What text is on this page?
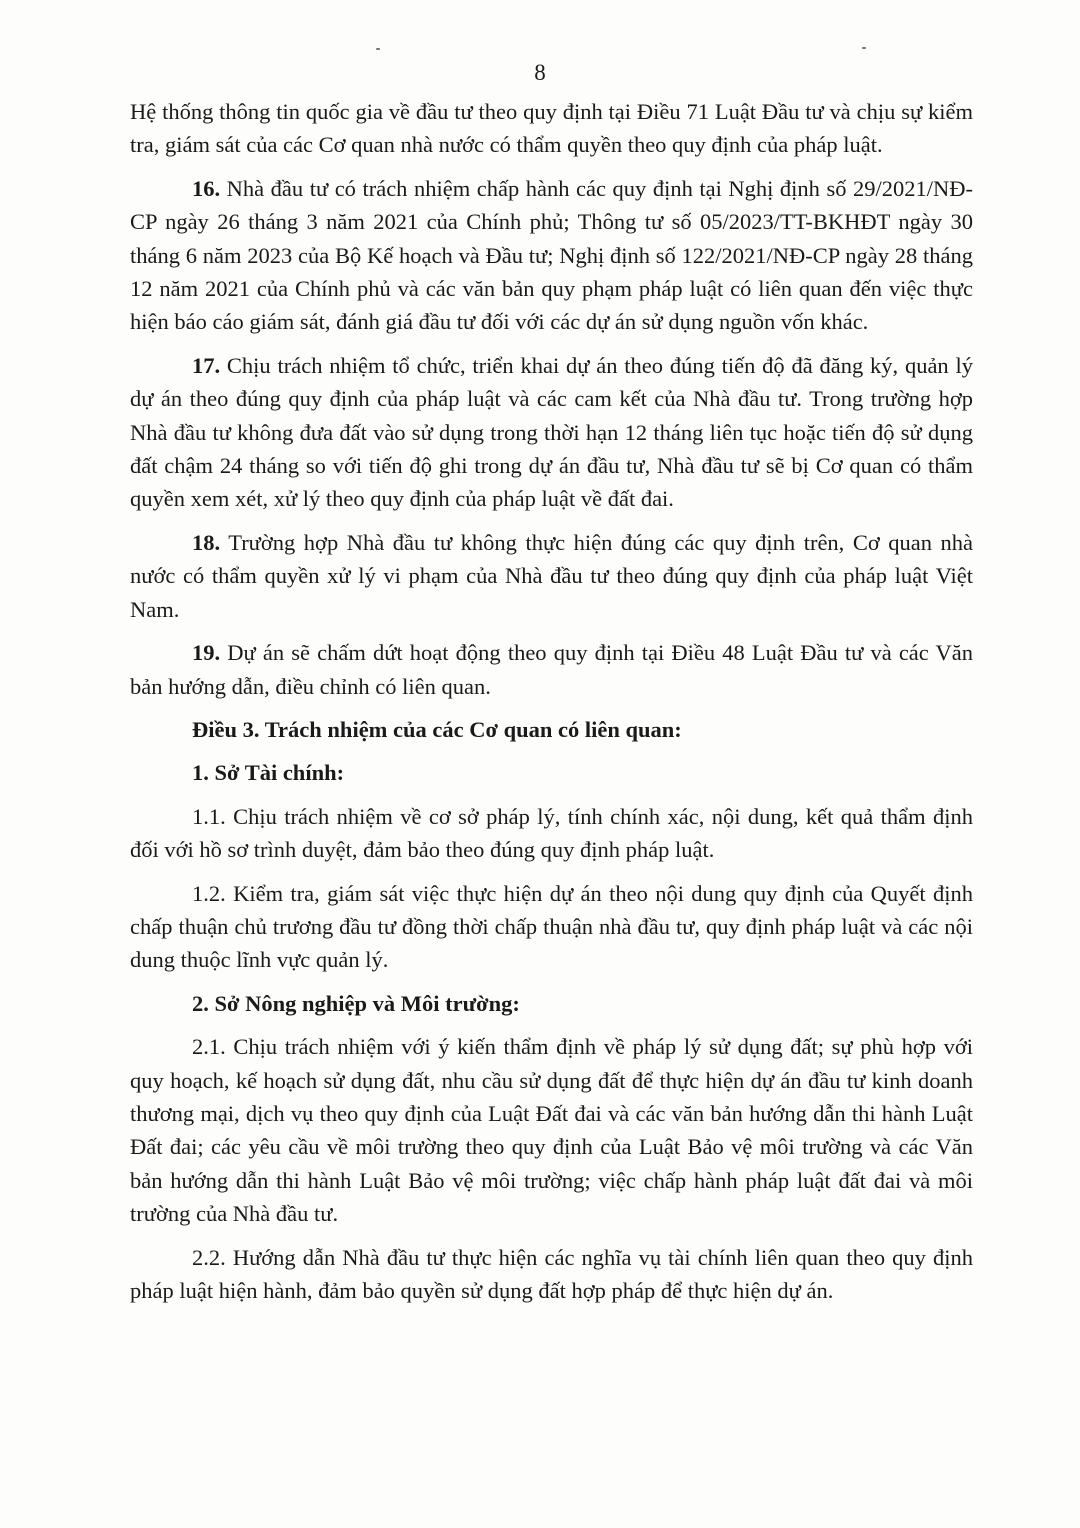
8

Hệ thống thông tin quốc gia về đầu tư theo quy định tại Điều 71 Luật Đầu tư và chịu sự kiểm tra, giám sát của các Cơ quan nhà nước có thẩm quyền theo quy định của pháp luật.

16. Nhà đầu tư có trách nhiệm chấp hành các quy định tại Nghị định số 29/2021/NĐ-CP ngày 26 tháng 3 năm 2021 của Chính phủ; Thông tư số 05/2023/TT-BKHĐT ngày 30 tháng 6 năm 2023 của Bộ Kế hoạch và Đầu tư; Nghị định số 122/2021/NĐ-CP ngày 28 tháng 12 năm 2021 của Chính phủ và các văn bản quy phạm pháp luật có liên quan đến việc thực hiện báo cáo giám sát, đánh giá đầu tư đối với các dự án sử dụng nguồn vốn khác.

17. Chịu trách nhiệm tổ chức, triển khai dự án theo đúng tiến độ đã đăng ký, quản lý dự án theo đúng quy định của pháp luật và các cam kết của Nhà đầu tư. Trong trường hợp Nhà đầu tư không đưa đất vào sử dụng trong thời hạn 12 tháng liên tục hoặc tiến độ sử dụng đất chậm 24 tháng so với tiến độ ghi trong dự án đầu tư, Nhà đầu tư sẽ bị Cơ quan có thẩm quyền xem xét, xử lý theo quy định của pháp luật về đất đai.

18. Trường hợp Nhà đầu tư không thực hiện đúng các quy định trên, Cơ quan nhà nước có thẩm quyền xử lý vi phạm của Nhà đầu tư theo đúng quy định của pháp luật Việt Nam.

19. Dự án sẽ chấm dứt hoạt động theo quy định tại Điều 48 Luật Đầu tư và các Văn bản hướng dẫn, điều chỉnh có liên quan.

Điều 3. Trách nhiệm của các Cơ quan có liên quan:

1. Sở Tài chính:

1.1. Chịu trách nhiệm về cơ sở pháp lý, tính chính xác, nội dung, kết quả thẩm định đối với hồ sơ trình duyệt, đảm bảo theo đúng quy định pháp luật.

1.2. Kiểm tra, giám sát việc thực hiện dự án theo nội dung quy định của Quyết định chấp thuận chủ trương đầu tư đồng thời chấp thuận nhà đầu tư, quy định pháp luật và các nội dung thuộc lĩnh vực quản lý.

2. Sở Nông nghiệp và Môi trường:

2.1. Chịu trách nhiệm với ý kiến thẩm định về pháp lý sử dụng đất; sự phù hợp với quy hoạch, kế hoạch sử dụng đất, nhu cầu sử dụng đất để thực hiện dự án đầu tư kinh doanh thương mại, dịch vụ theo quy định của Luật Đất đai và các văn bản hướng dẫn thi hành Luật Đất đai; các yêu cầu về môi trường theo quy định của Luật Bảo vệ môi trường và các Văn bản hướng dẫn thi hành Luật Bảo vệ môi trường; việc chấp hành pháp luật đất đai và môi trường của Nhà đầu tư.

2.2. Hướng dẫn Nhà đầu tư thực hiện các nghĩa vụ tài chính liên quan theo quy định pháp luật hiện hành, đảm bảo quyền sử dụng đất hợp pháp để thực hiện dự án.
